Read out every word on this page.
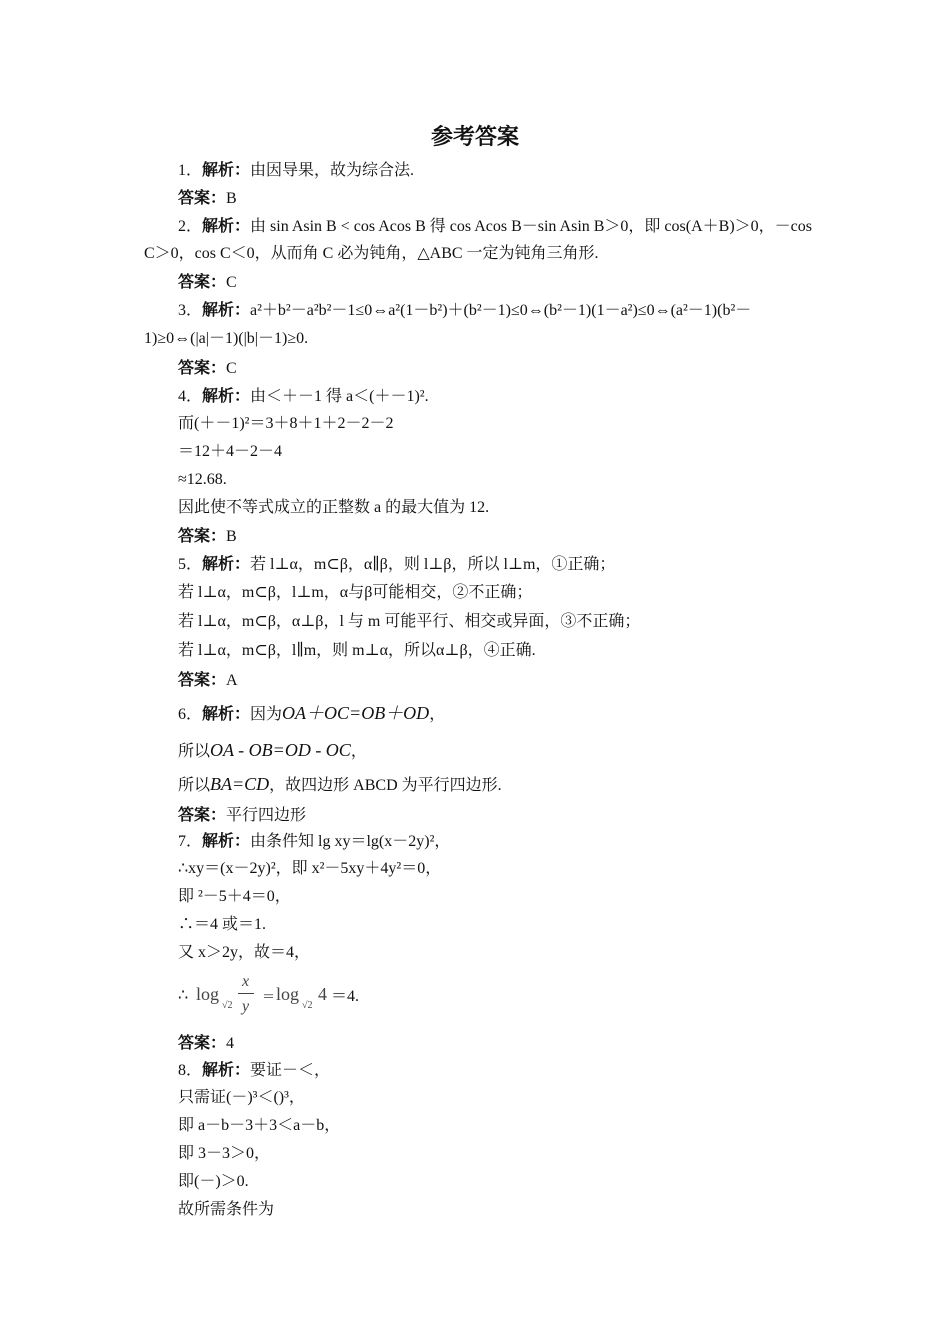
参考答案
1．解析：由因导果，故为综合法.
答案：B
2．解析：由 sin Asin B < cos Acos B 得 cos Acos B－sin Asin B＞0，即 cos(A＋B)＞0，－cos
C＞0，cos C＜0，从而角 C 必为钝角，△ABC 一定为钝角三角形.
答案：C
3．解析：a²＋b²－a²b²－1≤0⇔a²(1－b²)＋(b²－1)≤0⇔(b²－1)(1－a²)≤0⇔(a²－1)(b²－
1)≥0⇔(|a|－1)(|b|－1)≥0.
答案：C
4．解析：由＜＋－1 得 a＜(＋－1)².
而(＋－1)²＝3＋8＋1＋2－2－2
＝12＋4－2－4
≈12.68.
因此使不等式成立的正整数 a 的最大值为 12.
答案：B
5．解析：若 l⊥α，m⊂β，α∥β，则 l⊥β，所以 l⊥m，①正确；
若 l⊥α，m⊂β，l⊥m，α与β可能相交，②不正确；
若 l⊥α，m⊂β，α⊥β，l 与 m 可能平行、相交或异面，③不正确；
若 l⊥α，m⊂β，l∥m，则 m⊥α，所以α⊥β，④正确.
答案：A
6．解析：因为OA＋OC=OB＋OD，
所以OA - OB=OD - OC，
所以BA=CD，故四边形 ABCD 为平行四边形.
答案：平行四边形
7．解析：由条件知 lg xy＝lg(x－2y)²，
∴xy＝(x－2y)²，即 x²－5xy＋4y²＝0，
即 ²－5＋4＝0，
∴＝4 或＝1.
又 x＞2y，故＝4，
∴ log
√2
x
y
＝ log
√2
4 ＝4.
答案：4
8．解析：要证－＜，
只需证(－)³＜()³，
即 a－b－3＋3＜a－b，
即 3－3＞0，
即(－)＞0.
故所需条件为
